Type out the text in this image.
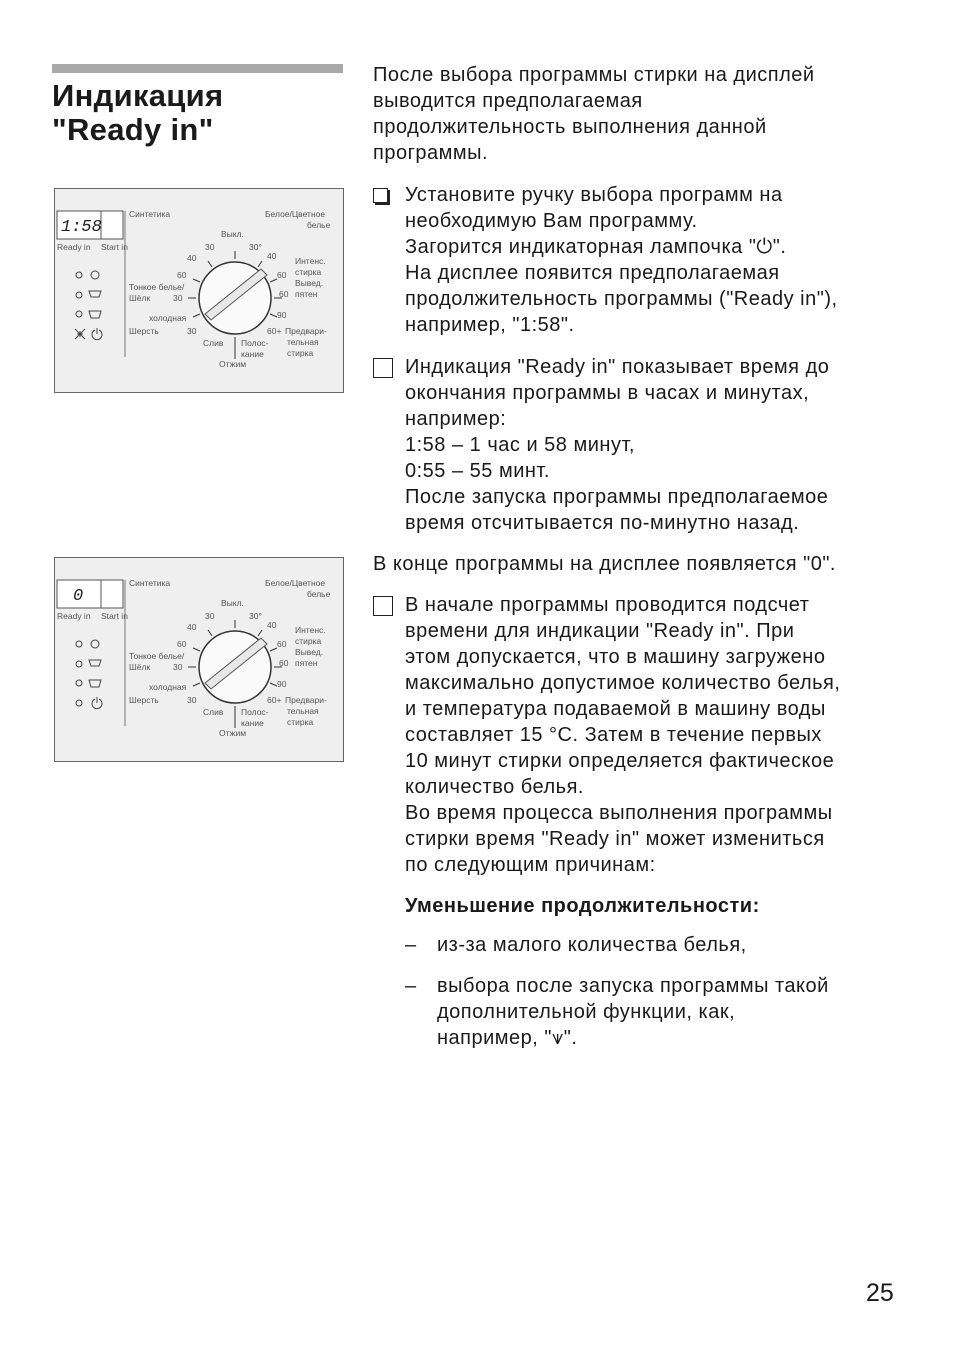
Индикация
"Ready in"
После выбора программы стирки на дисплей
выводится предполагаемая
продолжительность выполнения данной
программы.
Установите ручку выбора программ на
необходимую Вам программу.
Загорится индикаторная лампочка "⏻".
На дисплее появится предполагаемая
продолжительность программы ("Ready in"),
например, "1:58".
Индикация "Ready in" показывает время до
окончания программы в часах и минутах,
например:
1:58 – 1 час и 58 минут,
0:55 – 55 минт.
После запуска программы предполагаемое
время отсчитывается по-минутно назад.
В конце программы на дисплее появляется "0".
В начале программы проводится подсчет
времени для индикации "Ready in". При
этом допускается, что в машину загружено
максимально допустимое количество белья,
и температура подаваемой в машину воды
составляет 15 °C. Затем в течение первых
10 минут стирки определяется фактическое
количество белья.
Во время процесса выполнения программы
стирки время "Ready in" может измениться
по следующим причинам:
Уменьшение продолжительности:
– из-за малого количества белья,
– выбора после запуска программы такой
дополнительной функции, как,
например, "⩛".
25
1:58
Ready in Start in
Синтетика
Выкл.
Белое/Цветное
белье
30	30°
40	40
60	60
Интенс.
стирка
Вывед.
пятен
60
90
60+
Тонкое белье/
Шёлк	30
холодная
Шерсть	30
Слив Полос-
кание
Отжим
Предвари-
тельная
стирка
0
Ready in Start in
Синтетика
Выкл.
Белое/Цветное
белье
30	30°
40	40
60	60
Интенс.
стирка
Вывед.
пятен
60
90
60+
Тонкое белье/
Шёлк	30
холодная
Шерсть	30
Слив Полос-
кание
Отжим
Предвари-
тельная
стирка
